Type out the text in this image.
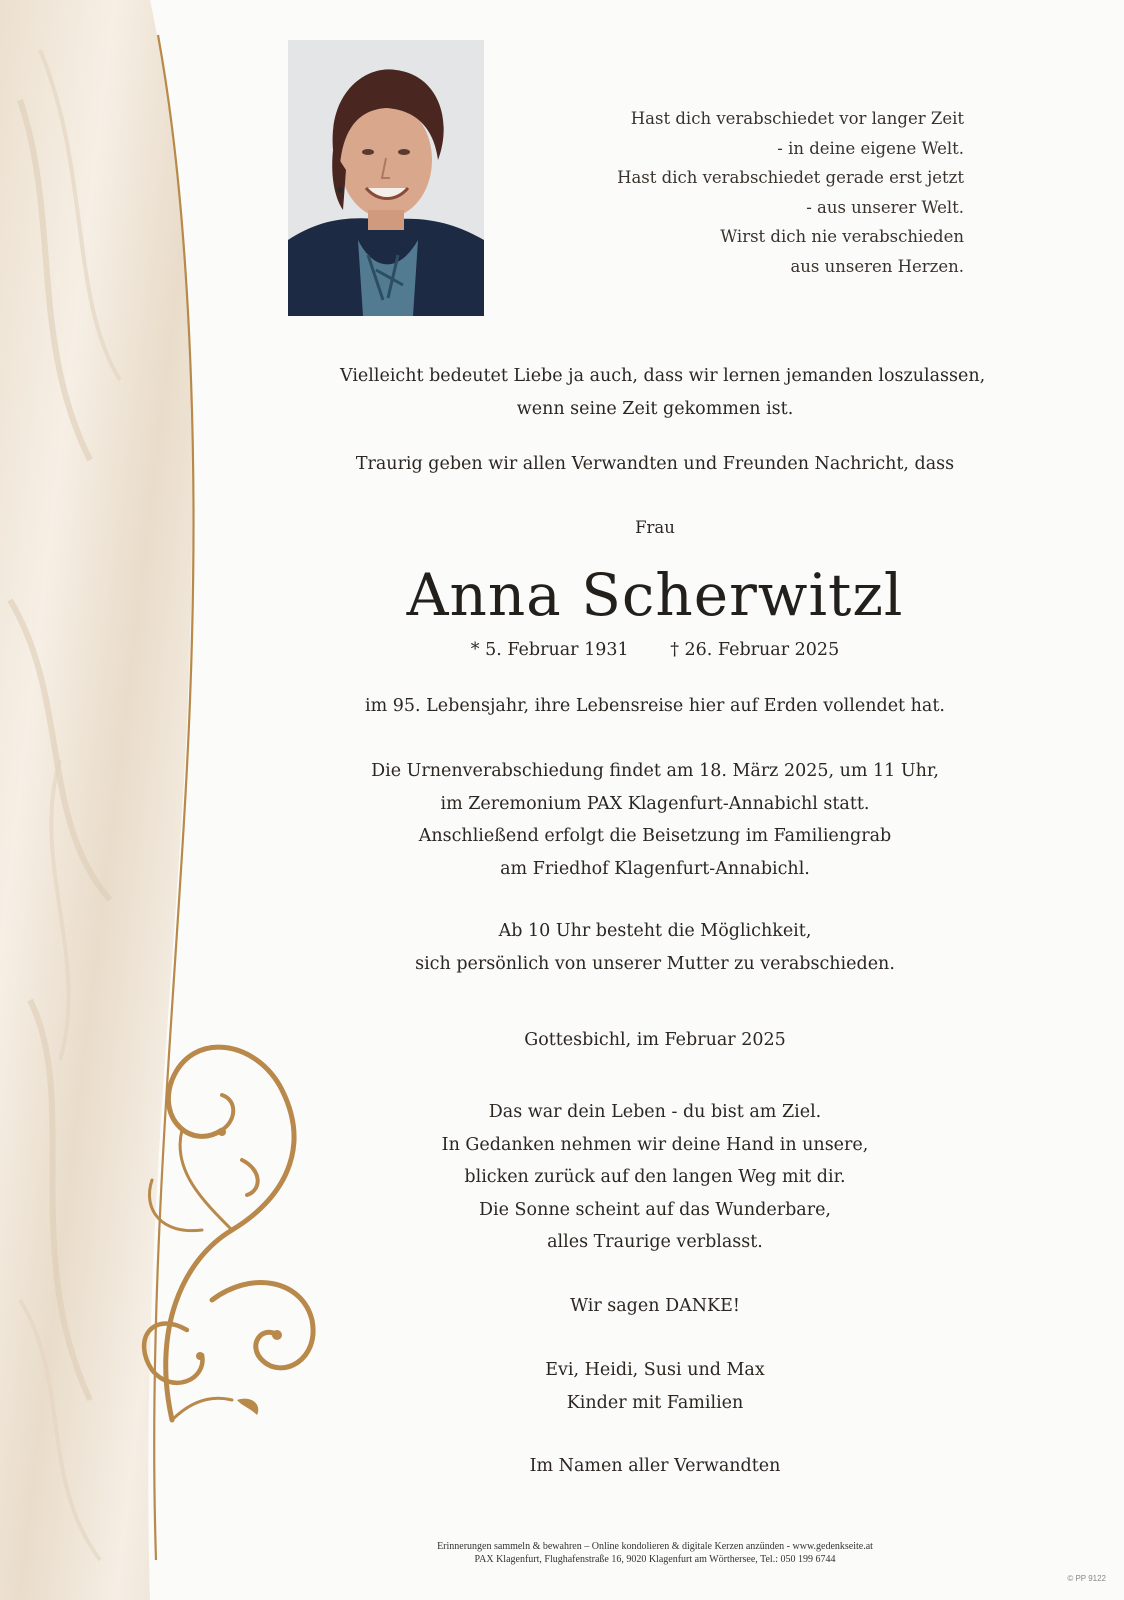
Hast dich verabschiedet vor langer Zeit
- in deine eigene Welt.
Hast dich verabschiedet gerade erst jetzt
- aus unserer Welt.
Wirst dich nie verabschieden
aus unseren Herzen.
Vielleicht bedeutet Liebe ja auch, dass wir lernen jemanden loszulassen,
wenn seine Zeit gekommen ist.
Traurig geben wir allen Verwandten und Freunden Nachricht, dass
Frau
Anna Scherwitzl
* 5. Februar 1931 † 26. Februar 2025
im 95. Lebensjahr, ihre Lebensreise hier auf Erden vollendet hat.
Die Urnenverabschiedung findet am 18. März 2025, um 11 Uhr,
im Zeremonium PAX Klagenfurt-Annabichl statt.
Anschließend erfolgt die Beisetzung im Familiengrab
am Friedhof Klagenfurt-Annabichl.
Ab 10 Uhr besteht die Möglichkeit,
sich persönlich von unserer Mutter zu verabschieden.
Gottesbichl, im Februar 2025
Das war dein Leben - du bist am Ziel.
In Gedanken nehmen wir deine Hand in unsere,
blicken zurück auf den langen Weg mit dir.
Die Sonne scheint auf das Wunderbare,
alles Traurige verblasst.
Wir sagen DANKE!
Evi, Heidi, Susi und Max
Kinder mit Familien
Im Namen aller Verwandten
Erinnerungen sammeln & bewahren – Online kondolieren & digitale Kerzen anzünden - www.gedenkseite.at
PAX Klagenfurt, Flughafenstraße 16, 9020 Klagenfurt am Wörthersee, Tel.: 050 199 6744
© PP 9122
